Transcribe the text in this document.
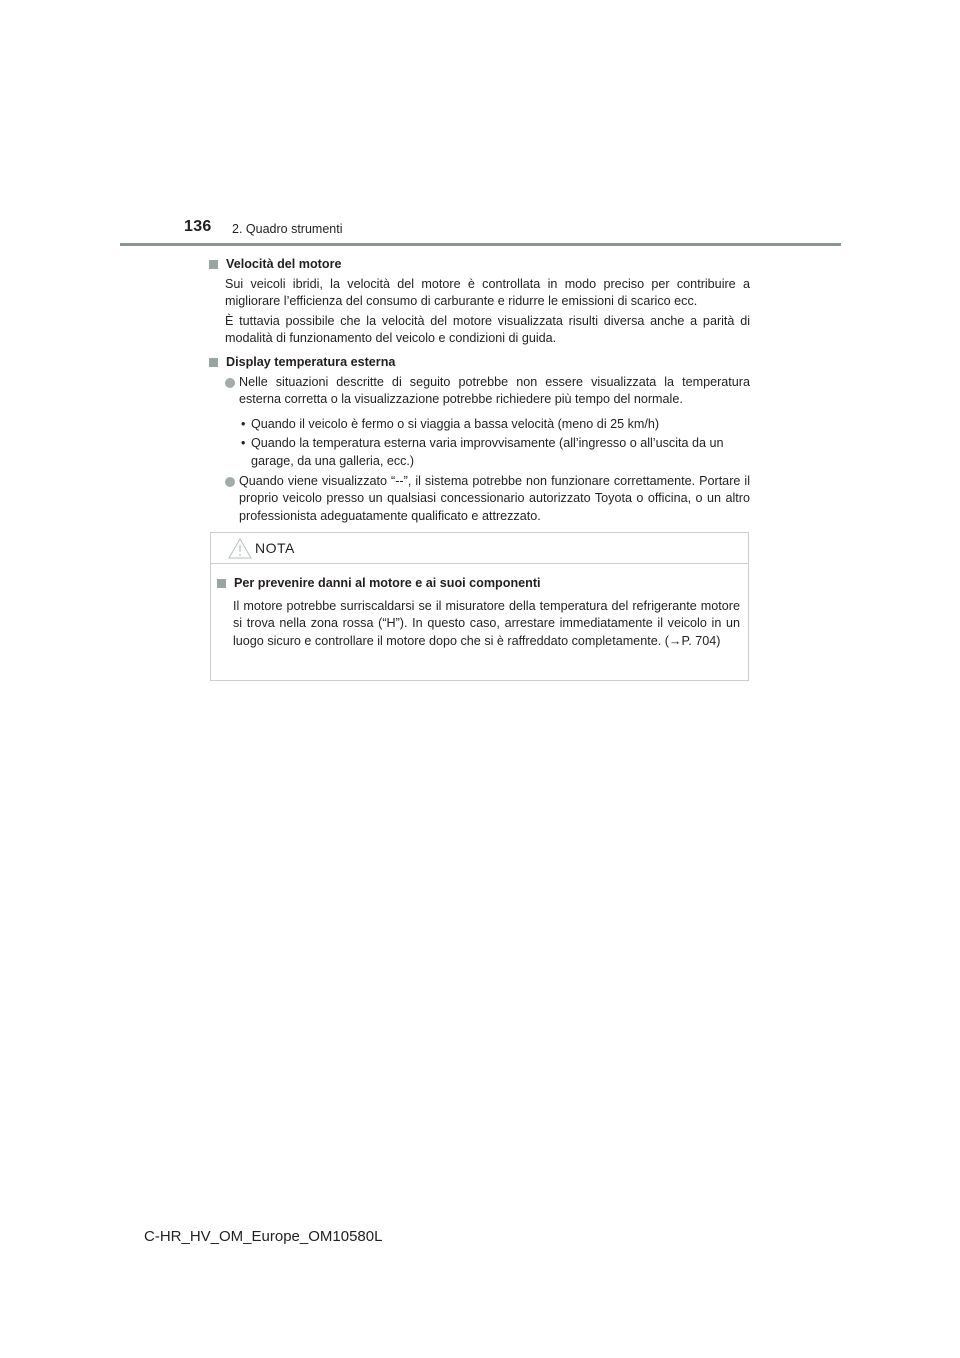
136 2. Quadro strumenti
Velocità del motore
Sui veicoli ibridi, la velocità del motore è controllata in modo preciso per contribuire a migliorare l’efficienza del consumo di carburante e ridurre le emissioni di scarico ecc.
È tuttavia possibile che la velocità del motore visualizzata risulti diversa anche a parità di modalità di funzionamento del veicolo e condizioni di guida.
Display temperatura esterna
Nelle situazioni descritte di seguito potrebbe non essere visualizzata la temperatura esterna corretta o la visualizzazione potrebbe richiedere più tempo del normale.
• Quando il veicolo è fermo o si viaggia a bassa velocità (meno di 25 km/h)
• Quando la temperatura esterna varia improvvisamente (all’ingresso o all’uscita da un garage, da una galleria, ecc.)
Quando viene visualizzato “--”, il sistema potrebbe non funzionare correttamente. Portare il proprio veicolo presso un qualsiasi concessionario autorizzato Toyota o officina, o un altro professionista adeguatamente qualificato e attrezzato.
NOTA
Per prevenire danni al motore e ai suoi componenti
Il motore potrebbe surriscaldarsi se il misuratore della temperatura del refrigerante motore si trova nella zona rossa (“H”). In questo caso, arrestare immediatamente il veicolo in un luogo sicuro e controllare il motore dopo che si è raffreddato completamente. (→P. 704)
C-HR_HV_OM_Europe_OM10580L
